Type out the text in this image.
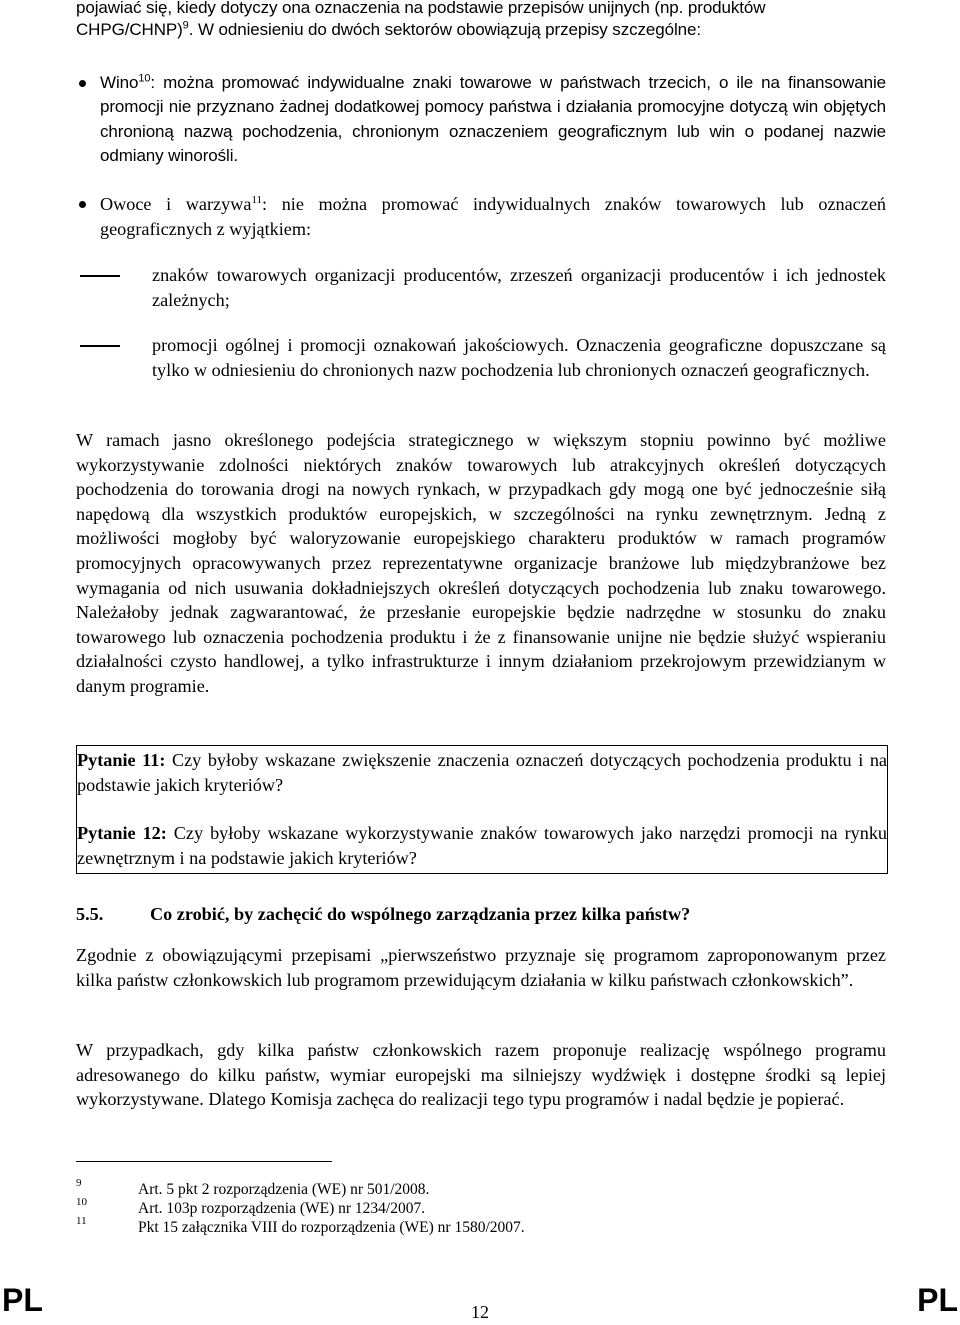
pojawiać się, kiedy dotyczy ona oznaczenia na podstawie przepisów unijnych (np. produktów
CHPG/CHNP)$^9$. W odniesieniu do dwóch sektorów obowiązują przepisy szczególne:

Wino$^{10}$: można promować indywidualne znaki towarowe w państwach trzecich, o ile na finansowanie promocji nie przyznano żadnej dodatkowej pomocy państwa i działania promocyjne dotyczą win objętych chronioną nazwą pochodzenia, chronionym oznaczeniem geograficznym lub win o podanej nazwie odmiany winorośli.
Owoce i warzywa$^{11}$: nie można promować indywidualnych znaków towarowych lub oznaczeń geograficznych z wyjątkiem:
znaków towarowych organizacji producentów, zrzeszeń organizacji producentów i ich jednostek zależnych;
promocji ogólnej i promocji oznakowań jakościowych. Oznaczenia geograficzne dopuszczane są tylko w odniesieniu do chronionych nazw pochodzenia lub chronionych oznaczeń geograficznych.

W ramach jasno określonego podejścia strategicznego w większym stopniu powinno być możliwe wykorzystywanie zdolności niektórych znaków towarowych lub atrakcyjnych określeń dotyczących pochodzenia do torowania drogi na nowych rynkach, w przypadkach gdy mogą one być jednocześnie siłą napędową dla wszystkich produktów europejskich, w szczególności na rynku zewnętrznym. Jedną z możliwości mogłoby być waloryzowanie europejskiego charakteru produktów w ramach programów promocyjnych opracowywanych przez reprezentatywne organizacje branżowe lub międzybranżowe bez wymagania od nich usuwania dokładniejszych określeń dotyczących pochodzenia lub znaku towarowego. Należałoby jednak zagwarantować, że przesłanie europejskie będzie nadrzędne w stosunku do znaku towarowego lub oznaczenia pochodzenia produktu i że z finansowanie unijne nie będzie służyć wspieraniu działalności czysto handlowej, a tylko infrastrukturze i innym działaniom przekrojowym przewidzianym w danym programie.

Pytanie 11: Czy byłoby wskazane zwiększenie znaczenia oznaczeń dotyczących pochodzenia produktu i na podstawie jakich kryteriów?

Pytanie 12: Czy byłoby wskazane wykorzystywanie znaków towarowych jako narzędzi promocji na rynku zewnętrznym i na podstawie jakich kryteriów?

5.5.	Co zrobić, by zachęcić do wspólnego zarządzania przez kilka państw?

Zgodnie z obowiązującymi przepisami „pierwszeństwo przyznaje się programom zaproponowanym przez kilka państw członkowskich lub programom przewidującym działania w kilku państwach członkowskich”.

W przypadkach, gdy kilka państw członkowskich razem proponuje realizację wspólnego programu adresowanego do kilku państw, wymiar europejski ma silniejszy wydźwięk i dostępne środki są lepiej wykorzystywane. Dlatego Komisja zachęca do realizacji tego typu programów i nadal będzie je popierać.

9	Art. 5 pkt 2 rozporządzenia (WE) nr 501/2008.

10	Art. 103p rozporządzenia (WE) nr 1234/2007.

11	Pkt 15 załącznika VIII do rozporządzenia (WE) nr 1580/2007.

PL	12	PL
